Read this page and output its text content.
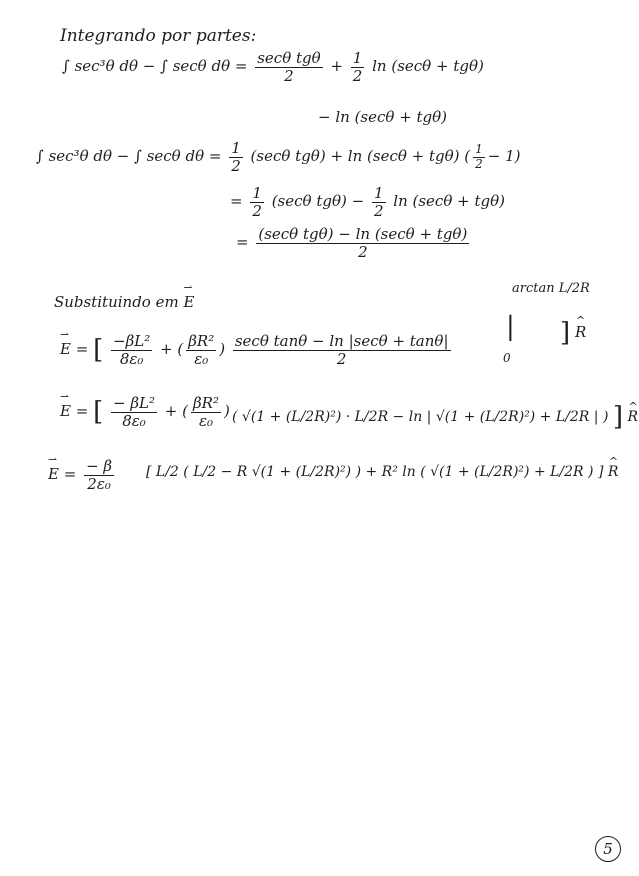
Integrando por partes:
∫ sec³θ dθ − ∫ secθ $d\theta = \frac{\text{secθ tgθ}}{2} + \frac{1}{2}$ ln (secθ + tgθ)
− ln (secθ + tgθ)
∫ sec³θ dθ − ∫ secθ $d\theta = \frac{1}{2} (\sec\theta$ tgθ) + ln (secθ + tgθ) ( $\frac{1}{2} - 1$)
= $\frac{1}{2} (\sec\theta$ $tg\theta) - \frac{1}{2}$ ln (secθ + tgθ)
= $\frac{\text{(secθ tgθ) − ln (secθ + tgθ)}}{2}$
Substituindo em ⇀ E
arctan L/2R
⇀ E = [ $\frac{\text{−βL²}}{\text{8ε₀}}$ + ( $\frac{\text{βR²}}{\text{ε₀}}$ ) $\frac{\text{secθ tanθ − ln |secθ + tanθ|}}{2}$
|
0
] ^ R
⇀ E = [ $\frac{\text{− βL²}}{\text{8ε₀}}$ + ( $\frac{\text{βR²}}{\text{ε₀}}$ ) ( √(1 + (L/2R)²) · L/2R − ln | √(1 + (L/2R)²) + L/2R | ) ] ^ R
⇀ $E = \frac{- \beta}{\text{2ε₀}}$ [ L/2 ( L/2 − R √(1 + (L/2R)²) ) + R² ln ( √(1 + (L/2R)²) + L/2R ) ] ^ R
5
